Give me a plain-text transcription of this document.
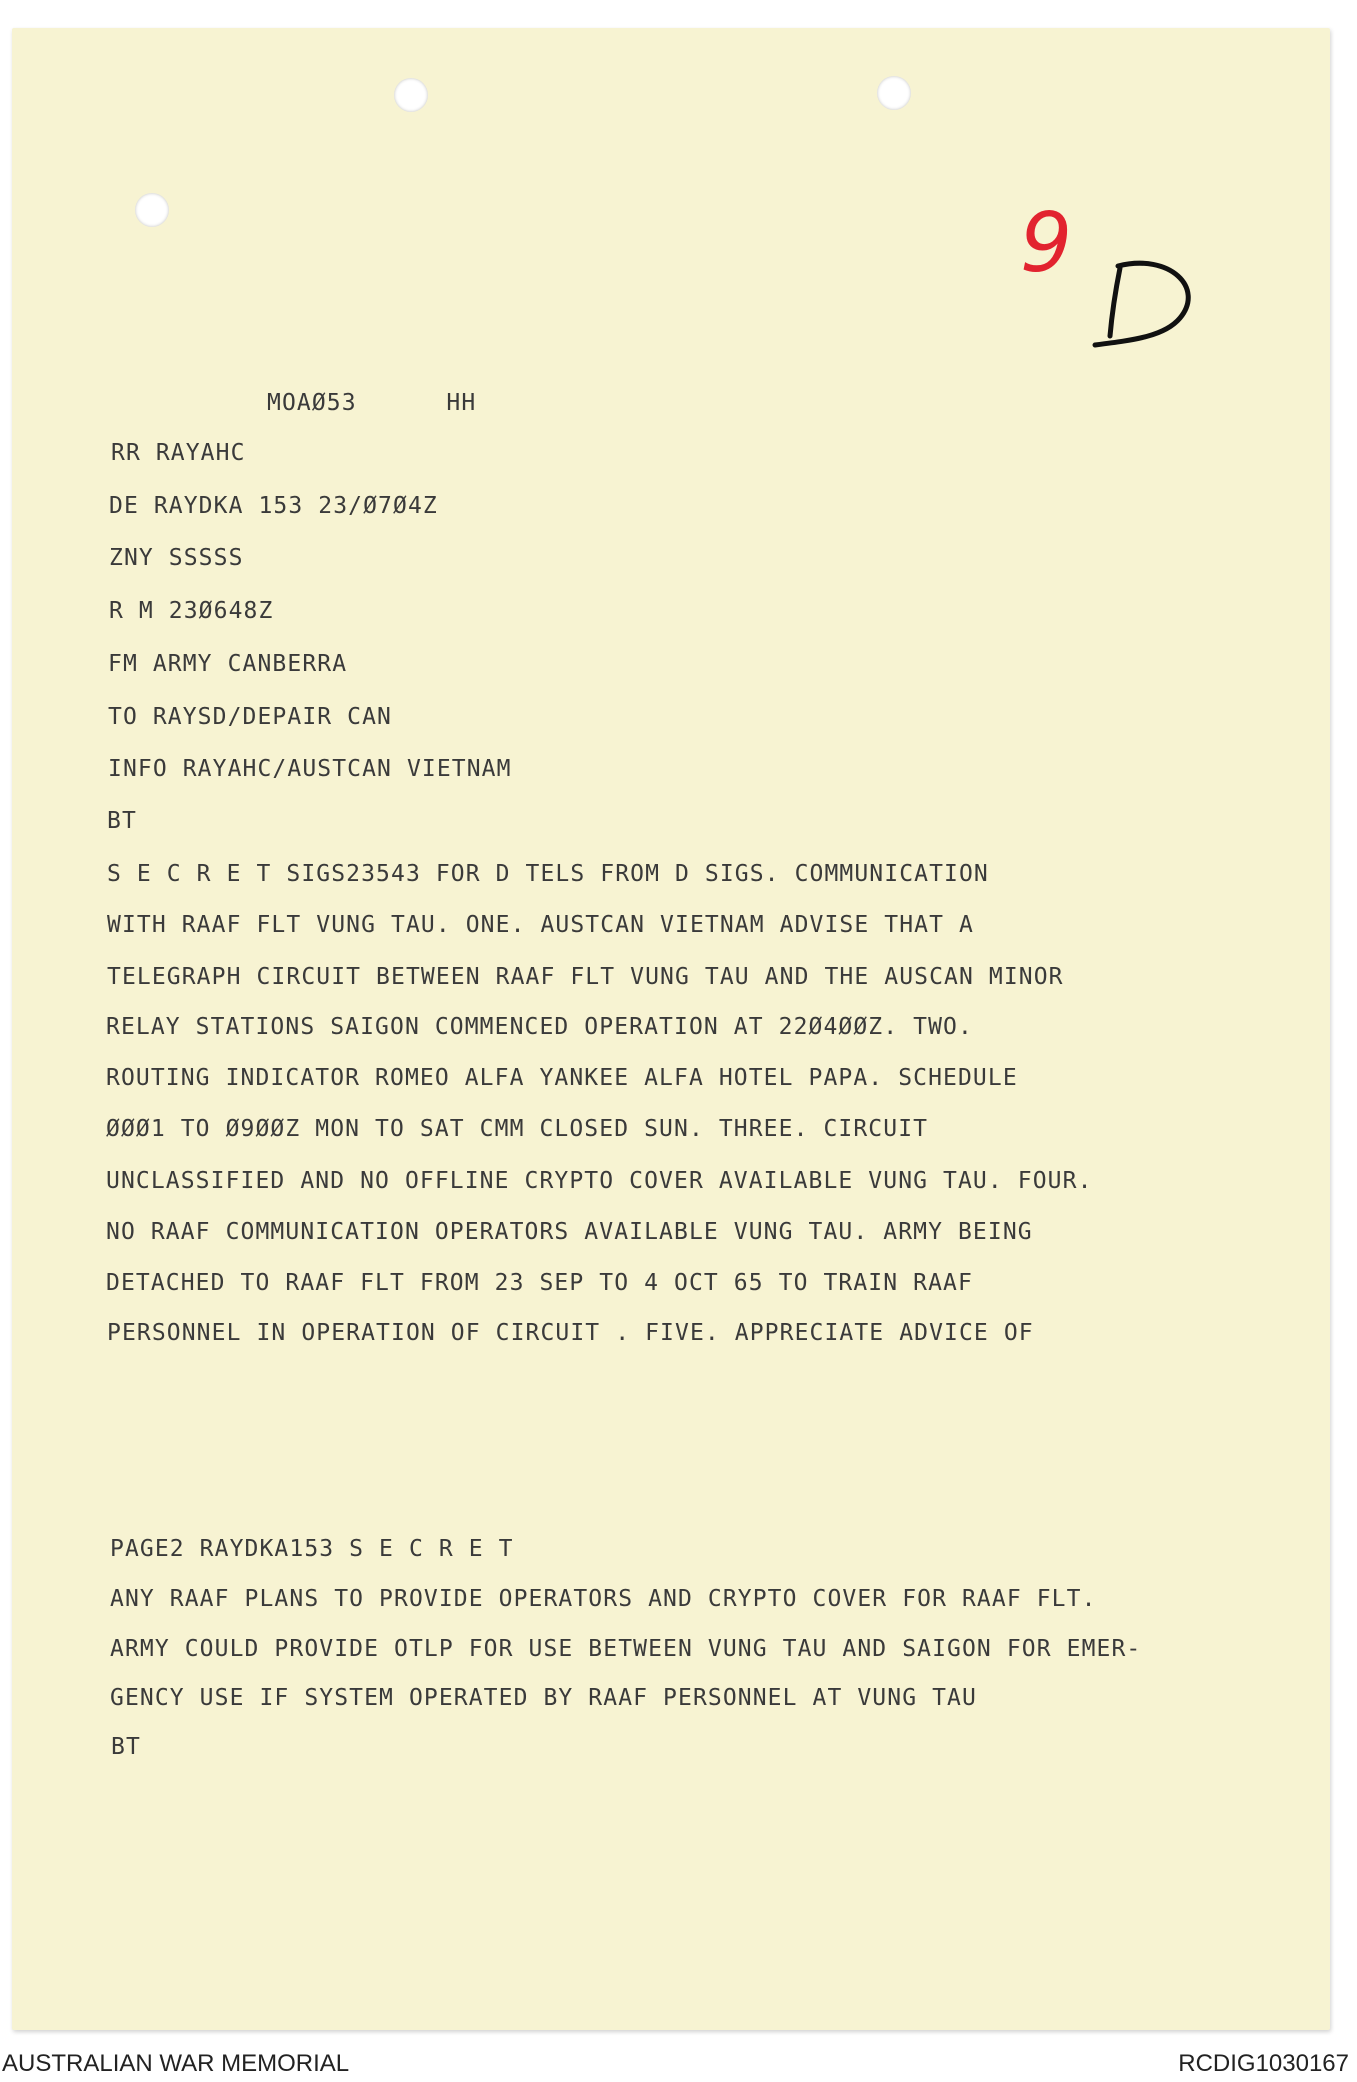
9

MOAØ53      HH

RR RAYAHC

DE RAYDKA 153 23/Ø7Ø4Z

ZNY SSSSS

R M 23Ø648Z

FM ARMY CANBERRA

TO RAYSD/DEPAIR CAN

INFO RAYAHC/AUSTCAN VIETNAM

BT

S E C R E T SIGS23543 FOR D TELS FROM D SIGS. COMMUNICATION

WITH RAAF FLT VUNG TAU. ONE. AUSTCAN VIETNAM ADVISE THAT A

TELEGRAPH CIRCUIT BETWEEN RAAF FLT VUNG TAU AND THE AUSCAN MINOR

RELAY STATIONS SAIGON COMMENCED OPERATION AT 22Ø4ØØZ. TWO.

ROUTING INDICATOR ROMEO ALFA YANKEE ALFA HOTEL PAPA. SCHEDULE

ØØØ1 TO Ø9ØØZ MON TO SAT CMM CLOSED SUN. THREE. CIRCUIT

UNCLASSIFIED AND NO OFFLINE CRYPTO COVER AVAILABLE VUNG TAU. FOUR.

NO RAAF COMMUNICATION OPERATORS AVAILABLE VUNG TAU. ARMY BEING

DETACHED TO RAAF FLT FROM 23 SEP TO 4 OCT 65 TO TRAIN RAAF

PERSONNEL IN OPERATION OF CIRCUIT . FIVE. APPRECIATE ADVICE OF

PAGE2 RAYDKA153 S E C R E T

ANY RAAF PLANS TO PROVIDE OPERATORS AND CRYPTO COVER FOR RAAF FLT.

ARMY COULD PROVIDE OTLP FOR USE BETWEEN VUNG TAU AND SAIGON FOR EMER-

GENCY USE IF SYSTEM OPERATED BY RAAF PERSONNEL AT VUNG TAU

BT

AUSTRALIAN WAR MEMORIAL	RCDIG1030167
